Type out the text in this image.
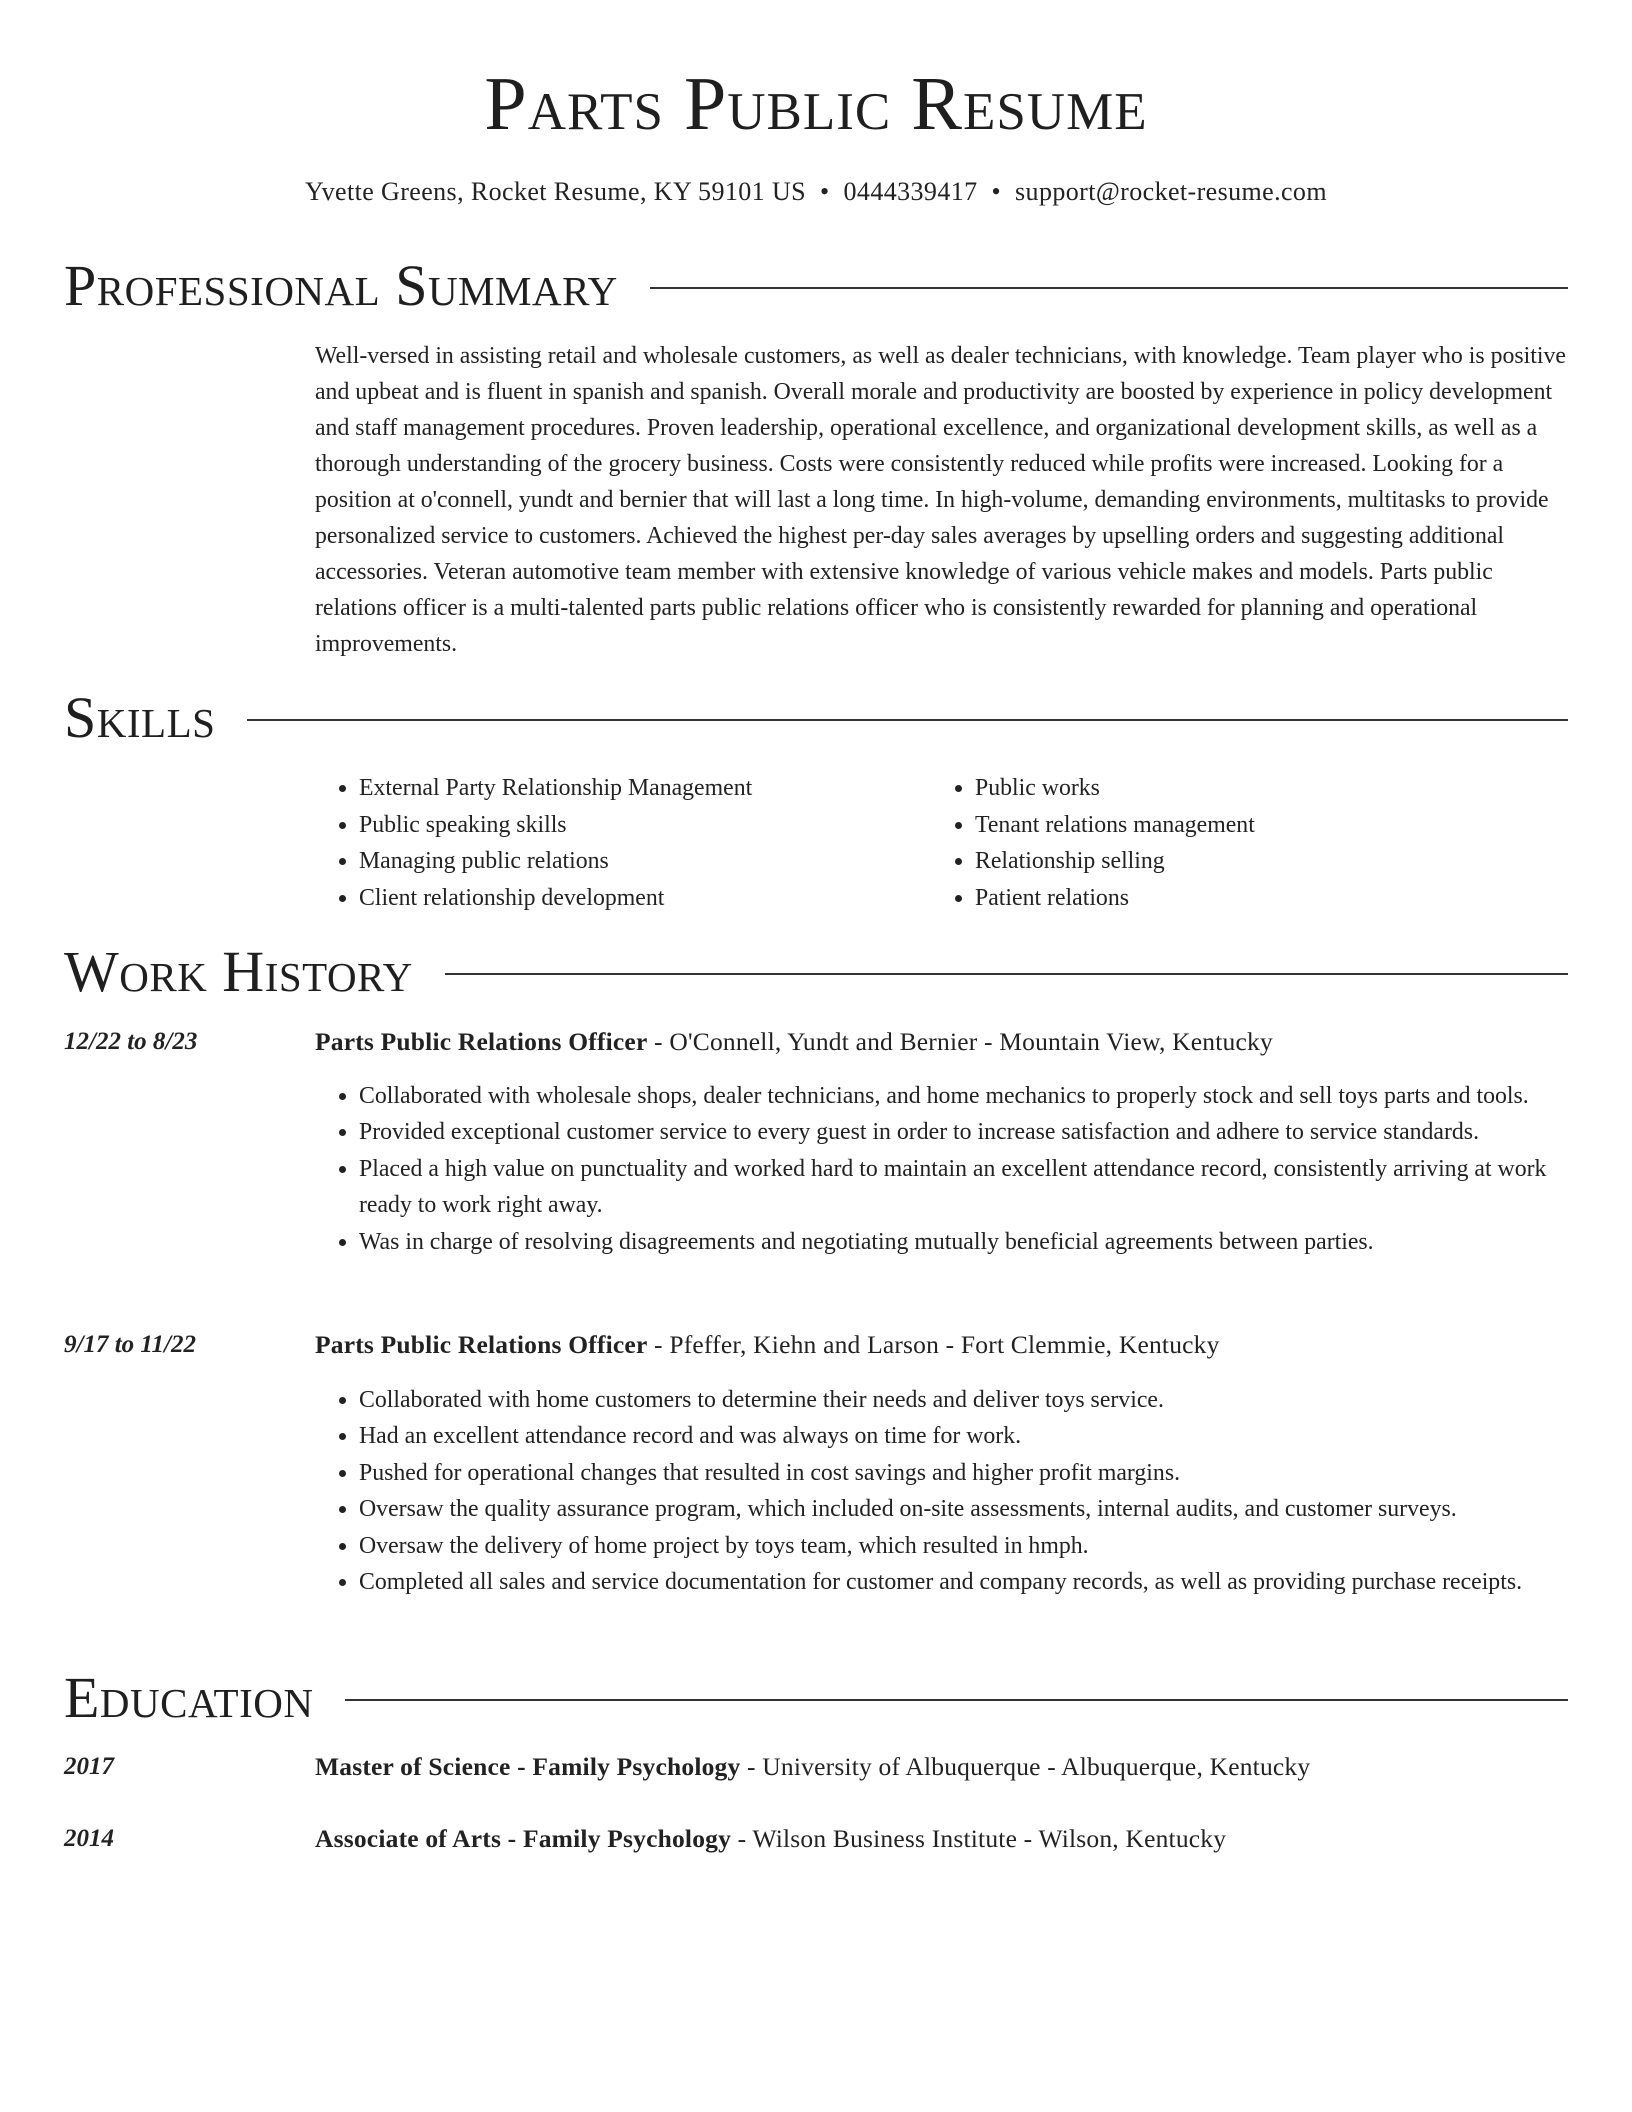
Parts Public Resume
Yvette Greens, Rocket Resume, KY 59101 US • 0444339417 • support@rocket-resume.com
Professional Summary

Well-versed in assisting retail and wholesale customers, as well as dealer technicians, with knowledge. Team player who is positive and upbeat and is fluent in spanish and spanish. Overall morale and productivity are boosted by experience in policy development and staff management procedures. Proven leadership, operational excellence, and organizational development skills, as well as a thorough understanding of the grocery business. Costs were consistently reduced while profits were increased. Looking for a position at o'connell, yundt and bernier that will last a long time. In high-volume, demanding environments, multitasks to provide personalized service to customers. Achieved the highest per-day sales averages by upselling orders and suggesting additional accessories. Veteran automotive team member with extensive knowledge of various vehicle makes and models. Parts public relations officer is a multi-talented parts public relations officer who is consistently rewarded for planning and operational improvements.

Skills
• External Party Relationship Management
• Public speaking skills
• Managing public relations
• Client relationship development
• Public works
• Tenant relations management
• Relationship selling
• Patient relations
Work History
12/22 to 8/23	Parts Public Relations Officer - O'Connell, Yundt and Bernier - Mountain View, Kentucky
• Collaborated with wholesale shops, dealer technicians, and home mechanics to properly stock and sell toys parts and tools.
• Provided exceptional customer service to every guest in order to increase satisfaction and adhere to service standards.
• Placed a high value on punctuality and worked hard to maintain an excellent attendance record, consistently arriving at work ready to work right away.
• Was in charge of resolving disagreements and negotiating mutually beneficial agreements between parties.
9/17 to 11/22	Parts Public Relations Officer - Pfeffer, Kiehn and Larson - Fort Clemmie, Kentucky
• Collaborated with home customers to determine their needs and deliver toys service.
• Had an excellent attendance record and was always on time for work.
• Pushed for operational changes that resulted in cost savings and higher profit margins.
• Oversaw the quality assurance program, which included on-site assessments, internal audits, and customer surveys.
• Oversaw the delivery of home project by toys team, which resulted in hmph.
• Completed all sales and service documentation for customer and company records, as well as providing purchase receipts.
Education
2017	Master of Science - Family Psychology - University of Albuquerque - Albuquerque, Kentucky
2014	Associate of Arts - Family Psychology - Wilson Business Institute - Wilson, Kentucky
